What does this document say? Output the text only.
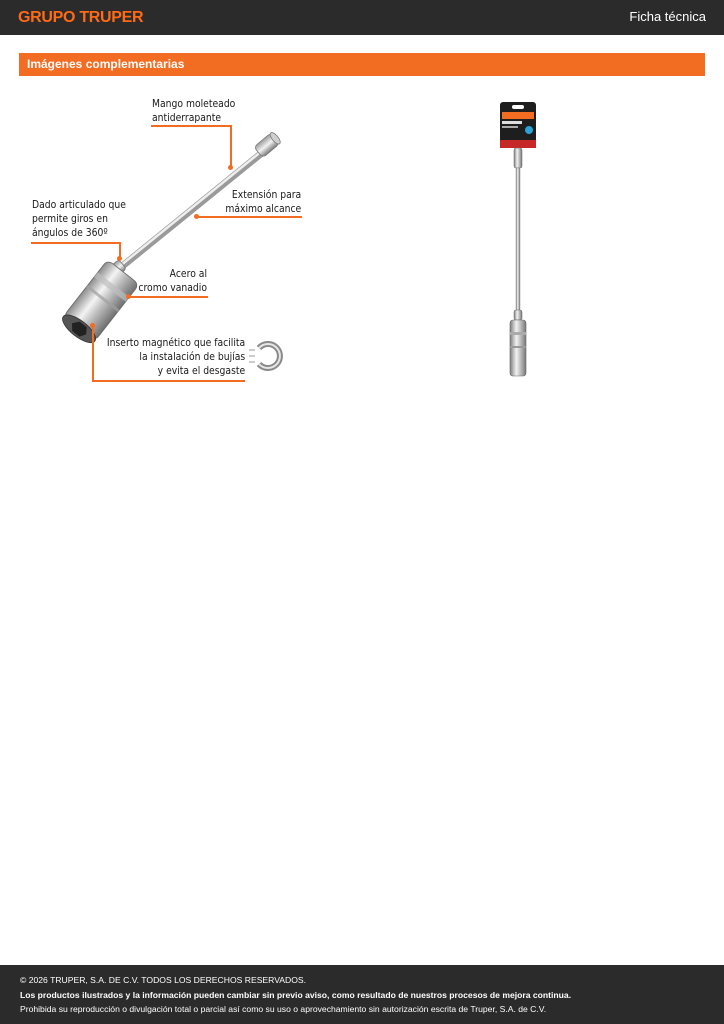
GRUPO TRUPER	Ficha técnica
Imágenes complementarias
Mango moleteado
antiderrapante
Extensión para
máximo alcance
Dado articulado que
permite giros en
ángulos de 360º
Acero al
cromo vanadio
Inserto magnético que facilita
la instalación de bujías
y evita el desgaste

© 2026 TRUPER, S.A. DE C.V. TODOS LOS DERECHOS RESERVADOS.

Los productos ilustrados y la información pueden cambiar sin previo aviso, como resultado de nuestros procesos de mejora continua.

Prohibida su reproducción o divulgación total o parcial así como su uso o aprovechamiento sin autorización escrita de Truper, S.A. de C.V.
